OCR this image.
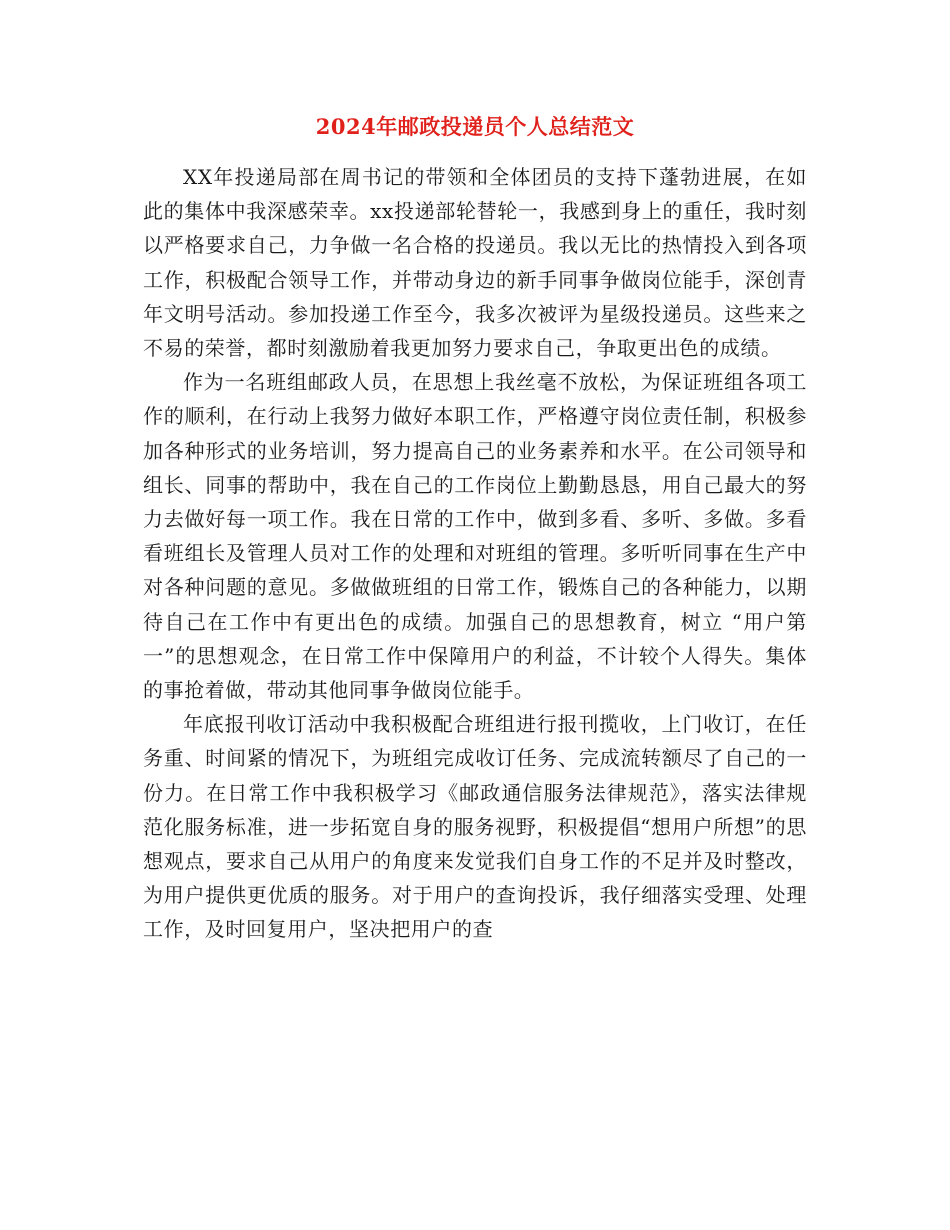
2024年邮政投递员个人总结范文

XX年投递局部在周书记的带领和全体团员的支持下蓬勃进展，在如此的集体中我深感荣幸。xx投递部轮替轮一，我感到身上的重任，我时刻以严格要求自己，力争做一名合格的投递员。我以无比的热情投入到各项工作，积极配合领导工作，并带动身边的新手同事争做岗位能手，深创青年文明号活动。参加投递工作至今，我多次被评为星级投递员。这些来之不易的荣誉，都时刻激励着我更加努力要求自己，争取更出色的成绩。

作为一名班组邮政人员，在思想上我丝毫不放松，为保证班组各项工作的顺利，在行动上我努力做好本职工作，严格遵守岗位责任制，积极参加各种形式的业务培训，努力提高自己的业务素养和水平。在公司领导和组长、同事的帮助中，我在自己的工作岗位上勤勤恳恳，用自己最大的努力去做好每一项工作。我在日常的工作中，做到多看、多听、多做。多看看班组长及管理人员对工作的处理和对班组的管理。多听听同事在生产中对各种问题的意见。多做做班组的日常工作，锻炼自己的各种能力，以期待自己在工作中有更出色的成绩。加强自己的思想教育，树立 “用户第一”的思想观念，在日常工作中保障用户的利益，不计较个人得失。集体的事抢着做，带动其他同事争做岗位能手。

年底报刊收订活动中我积极配合班组进行报刊揽收，上门收订，在任务重、时间紧的情况下，为班组完成收订任务、完成流转额尽了自己的一份力。在日常工作中我积极学习《邮政通信服务法律规范》，落实法律规范化服务标准，进一步拓宽自身的服务视野，积极提倡“想用户所想”的思想观点，要求自己从用户的角度来发觉我们自身工作的不足并及时整改，为用户提供更优质的服务。对于用户的查询投诉，我仔细落实受理、处理工作，及时回复用户，坚决把用户的查
